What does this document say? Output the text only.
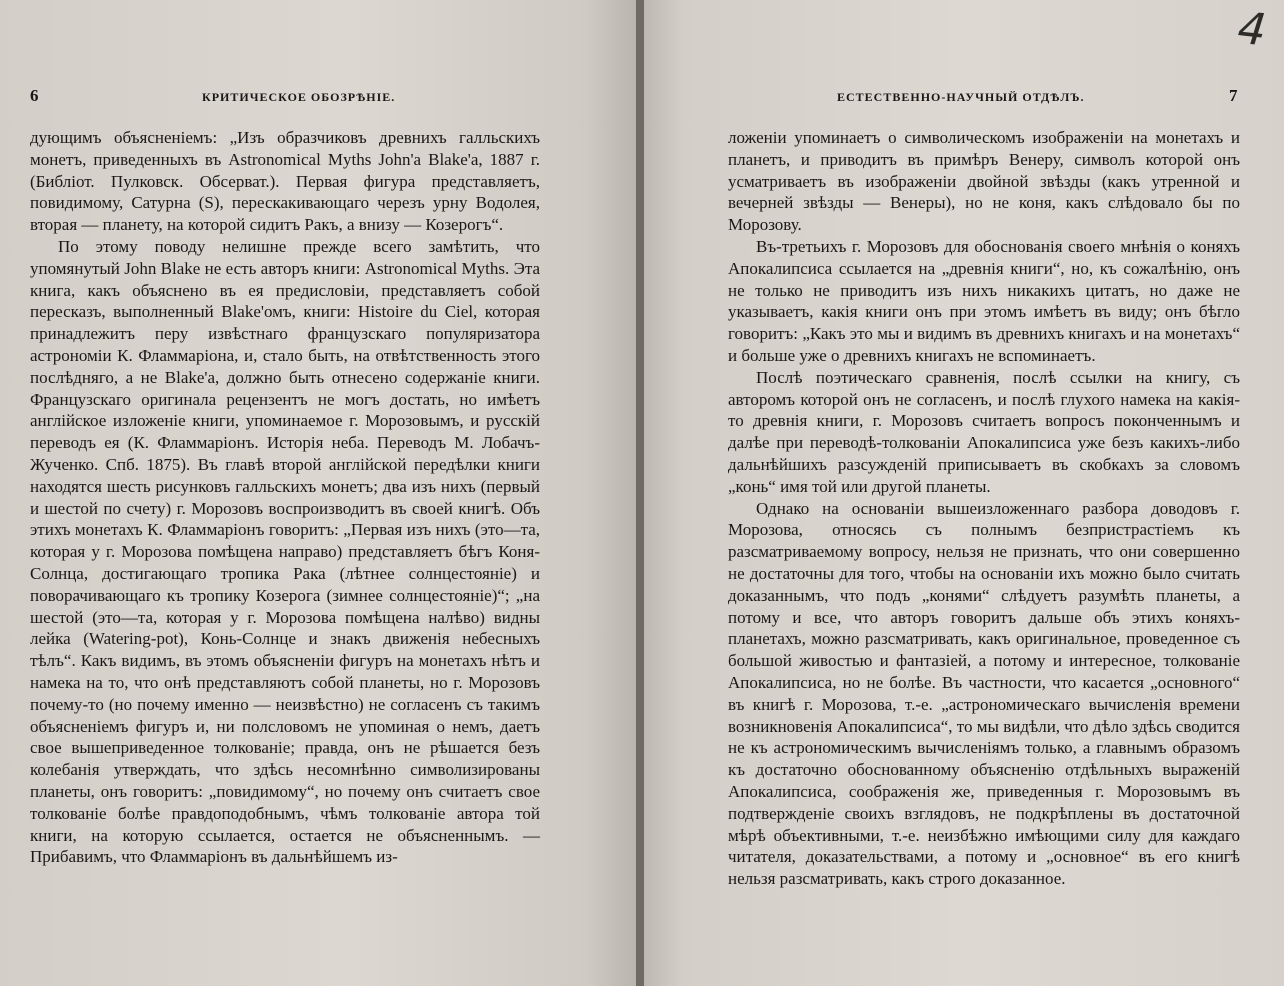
6	КРИТИЧЕСКОЕ ОБОЗРѢНІЕ.

дующимъ объясненіемъ: „Изъ образчиковъ древнихъ галльскихъ монетъ, приведенныхъ въ Astronomical Myths John'a Blake'a, 1887 г. (Библіот. Пулковск. Обсерват.). Первая фигура представляетъ, повидимому, Сатурна (S), перескакивающаго черезъ урну Водолея, вторая — планету, на которой сидитъ Ракъ, а внизу — Козерогъ“.

По этому поводу нелишне прежде всего замѣтить, что упомянутый John Blake не есть авторъ книги: Astronomical Myths. Эта книга, какъ объяснено въ ея предисловіи, представляетъ собой пересказъ, выполненный Blake'омъ, книги: Histoire du Ciel, которая принадлежитъ перу извѣстнаго французскаго популяризатора астрономіи К. Фламмаріона, и, стало быть, на отвѣтственность этого послѣдняго, а не Blake'a, должно быть отнесено содержаніе книги. Французскаго оригинала рецензентъ не могъ достать, но имѣетъ англійское изложеніе книги, упоминаемое г. Морозовымъ, и русскій переводъ ея (К. Фламмаріонъ. Исторія неба. Переводъ М. Лобачъ-Жученко. Спб. 1875). Въ главѣ второй англійской передѣлки книги находятся шесть рисунковъ галльскихъ монетъ; два изъ нихъ (первый и шестой по счету) г. Морозовъ воспроизводитъ въ своей книгѣ. Объ этихъ монетахъ К. Фламмаріонъ говоритъ: „Первая изъ нихъ (это—та, которая у г. Морозова помѣщена направо) представляетъ бѣгъ Коня-Солнца, достигающаго тропика Рака (лѣтнее солнцестояніе) и поворачивающаго къ тропику Козерога (зимнее солнцестояніе)“; „на шестой (это—та, которая у г. Морозова помѣщена налѣво) видны лейка (Watering-pot), Конь-Солнце и знакъ движенія небесныхъ тѣлъ“. Какъ видимъ, въ этомъ объясненіи фигуръ на монетахъ нѣтъ и намека на то, что онѣ представляютъ собой планеты, но г. Морозовъ почему-то (но почему именно — неизвѣстно) не согласенъ съ такимъ объясненіемъ фигуръ и, ни полсловомъ не упоминая о немъ, даетъ свое вышеприведенное толкованіе; правда, онъ не рѣшается безъ колебанія утверждать, что здѣсь несомнѣнно символизированы планеты, онъ говоритъ: „повидимому“, но почему онъ считаетъ свое толкованіе болѣе правдоподобнымъ, чѣмъ толкованіе автора той книги, на которую ссылается, остается не объясненнымъ. — Прибавимъ, что Фламмаріонъ въ дальнѣйшемъ из-

4
ЕСТЕСТВЕННО-НАУЧНЫЙ ОТДѢЛЪ.	7

ложеніи упоминаетъ о символическомъ изображеніи на монетахъ и планетъ, и приводитъ въ примѣръ Венеру, символъ которой онъ усматриваетъ въ изображеніи двойной звѣзды (какъ утренной и вечерней звѣзды — Венеры), но не коня, какъ слѣдовало бы по Морозову.

Въ-третьихъ г. Морозовъ для обоснованія своего мнѣнія о коняхъ Апокалипсиса ссылается на „древнія книги“, но, къ сожалѣнію, онъ не только не приводитъ изъ нихъ никакихъ цитатъ, но даже не указываетъ, какія книги онъ при этомъ имѣетъ въ виду; онъ бѣгло говоритъ: „Какъ это мы и видимъ въ древнихъ книгахъ и на монетахъ“ и больше уже о древнихъ книгахъ не вспоминаетъ.

Послѣ поэтическаго сравненія, послѣ ссылки на книгу, съ авторомъ которой онъ не согласенъ, и послѣ глухого намека на какія-то древнія книги, г. Морозовъ считаетъ вопросъ поконченнымъ и далѣе при переводѣ-толкованіи Апокалипсиса уже безъ какихъ-либо дальнѣйшихъ разсужденій приписываетъ въ скобкахъ за словомъ „конь“ имя той или другой планеты.

Однако на основаніи вышеизложеннаго разбора доводовъ г. Морозова, относясь съ полнымъ безпристрастіемъ къ разсматриваемому вопросу, нельзя не признать, что они совершенно не достаточны для того, чтобы на основаніи ихъ можно было считать доказаннымъ, что подъ „конями“ слѣдуетъ разумѣть планеты, а потому и все, что авторъ говоритъ дальше объ этихъ коняхъ-планетахъ, можно разсматривать, какъ оригинальное, проведенное съ большой живостью и фантазіей, а потому и интересное, толкованіе Апокалипсиса, но не болѣе. Въ частности, что касается „основного“ въ книгѣ г. Морозова, т.-е. „астрономическаго вычисленія времени возникновенія Апокалипсиса“, то мы видѣли, что дѣло здѣсь сводится не къ астрономическимъ вычисленіямъ только, а главнымъ образомъ къ достаточно обоснованному объясненію отдѣльныхъ выраженій Апокалипсиса, соображенія же, приведенныя г. Морозовымъ въ подтвержденіе своихъ взглядовъ, не подкрѣплены въ достаточной мѣрѣ объективными, т.-е. неизбѣжно имѣющими силу для каждаго читателя, доказательствами, а потому и „основное“ въ его книгѣ нельзя разсматривать, какъ строго доказанное.
